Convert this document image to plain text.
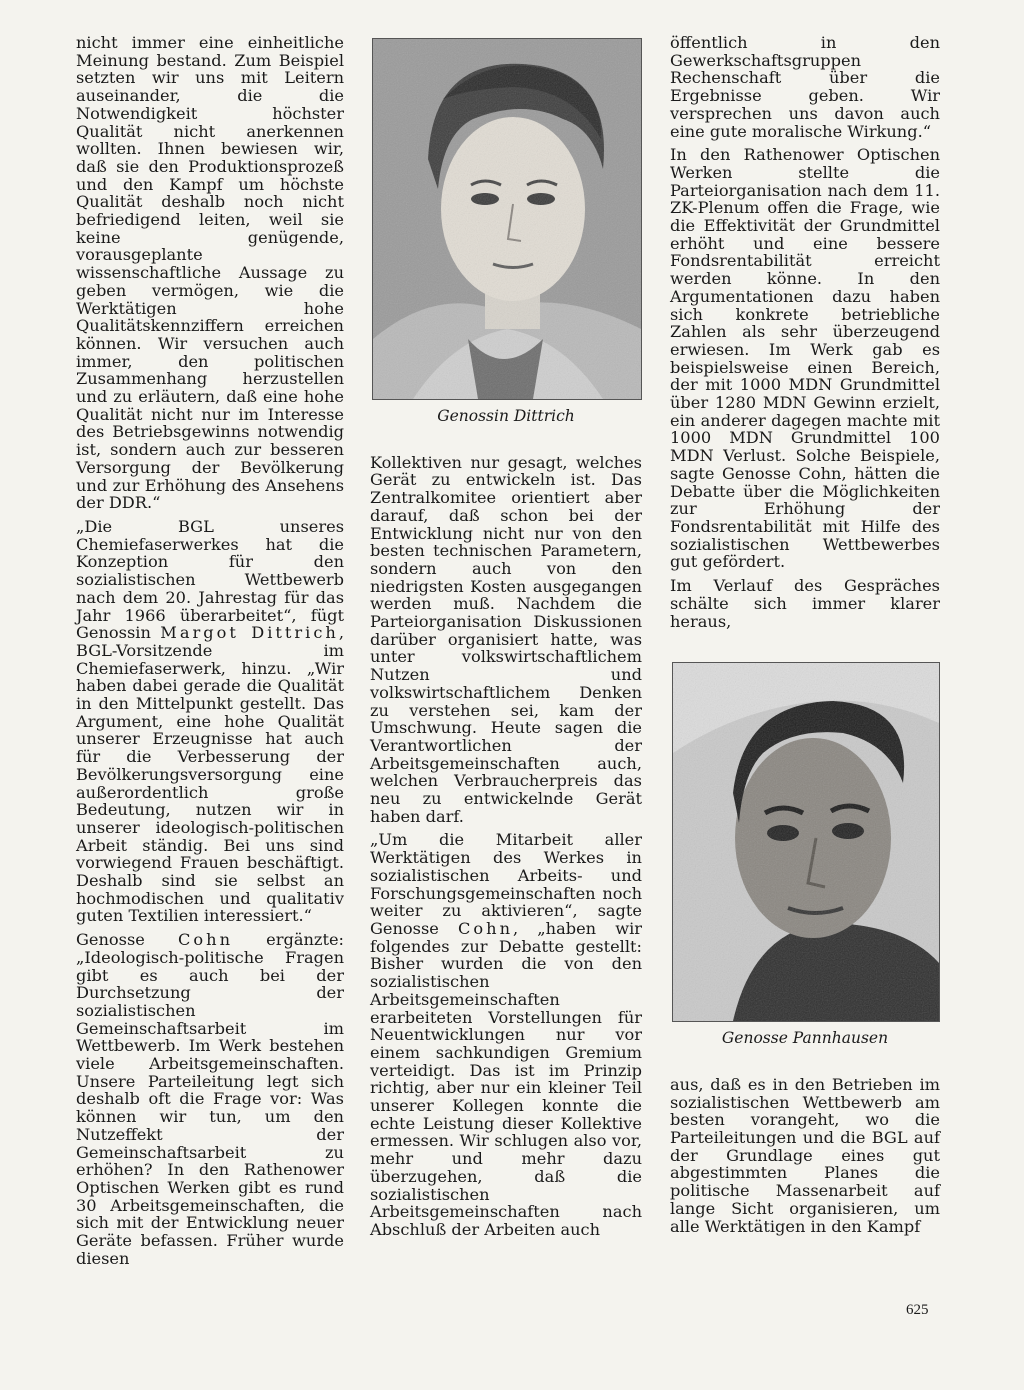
nicht immer eine einheitliche Meinung bestand. Zum Beispiel setzten wir uns mit Leitern auseinander, die die Notwendigkeit höchster Qualität nicht anerkennen wollten. Ihnen bewiesen wir, daß sie den Produktionsprozeß und den Kampf um höchste Qualität deshalb noch nicht befriedigend leiten, weil sie keine genügende, vorausgeplante wissenschaftliche Aussage zu geben vermögen, wie die Werktätigen hohe Qualitätskennziffern erreichen können. Wir versuchen auch immer, den politischen Zusammenhang herzustellen und zu erläutern, daß eine hohe Qualität nicht nur im Interesse des Betriebsgewinns notwendig ist, sondern auch zur besseren Versorgung der Bevölkerung und zur Erhöhung des Ansehens der DDR.“

„Die BGL unseres Chemiefaserwerkes hat die Konzeption für den sozialistischen Wettbewerb nach dem 20. Jahrestag für das Jahr 1966 überarbeitet“, fügt Genossin Margot Dittrich, BGL-Vorsitzende im Chemiefaserwerk, hinzu. „Wir haben dabei gerade die Qualität in den Mittelpunkt gestellt. Das Argument, eine hohe Qualität unserer Erzeugnisse hat auch für die Verbesserung der Bevölkerungsversorgung eine außerordentlich große Bedeutung, nutzen wir in unserer ideologisch-politischen Arbeit ständig. Bei uns sind vorwiegend Frauen beschäftigt. Deshalb sind sie selbst an hochmodischen und qualitativ guten Textilien interessiert.“

Genosse Cohn ergänzte: „Ideologisch-politische Fragen gibt es auch bei der Durchsetzung der sozialistischen Gemeinschaftsarbeit im Wettbewerb. Im Werk bestehen viele Arbeitsgemeinschaften. Unsere Parteileitung legt sich deshalb oft die Frage vor: Was können wir tun, um den Nutzeffekt der Gemeinschaftsarbeit zu erhöhen? In den Rathenower Optischen Werken gibt es rund 30 Arbeitsgemeinschaften, die sich mit der Entwicklung neuer Geräte befassen. Früher wurde diesen

Genossin Dittrich

Kollektiven nur gesagt, welches Gerät zu entwickeln ist. Das Zentralkomitee orientiert aber darauf, daß schon bei der Entwicklung nicht nur von den besten technischen Parametern, sondern auch von den niedrigsten Kosten ausgegangen werden muß. Nachdem die Parteiorganisation Diskussionen darüber organisiert hatte, was unter volkswirtschaftlichem Nutzen und volkswirtschaftlichem Denken zu verstehen sei, kam der Umschwung. Heute sagen die Verantwortlichen der Arbeitsgemeinschaften auch, welchen Verbraucherpreis das neu zu entwickelnde Gerät haben darf.

„Um die Mitarbeit aller Werktätigen des Werkes in sozialistischen Arbeits- und Forschungsgemeinschaften noch weiter zu aktivieren“, sagte Genosse Cohn, „haben wir folgendes zur Debatte gestellt: Bisher wurden die von den sozialistischen Arbeitsgemeinschaften erarbeiteten Vorstellungen für Neuentwicklungen nur vor einem sachkundigen Gremium verteidigt. Das ist im Prinzip richtig, aber nur ein kleiner Teil unserer Kollegen konnte die echte Leistung dieser Kollektive ermessen. Wir schlugen also vor, mehr und mehr dazu überzugehen, daß die sozialistischen Arbeitsgemeinschaften nach Abschluß der Arbeiten auch

öffentlich in den Gewerkschaftsgruppen Rechenschaft über die Ergebnisse geben. Wir versprechen uns davon auch eine gute moralische Wirkung.“

In den Rathenower Optischen Werken stellte die Parteiorganisation nach dem 11. ZK-Plenum offen die Frage, wie die Effektivität der Grundmittel erhöht und eine bessere Fondsrentabilität erreicht werden könne. In den Argumentationen dazu haben sich konkrete betriebliche Zahlen als sehr überzeugend erwiesen. Im Werk gab es beispielsweise einen Bereich, der mit 1000 MDN Grundmittel über 1280 MDN Gewinn erzielt, ein anderer dagegen machte mit 1000 MDN Grundmittel 100 MDN Verlust. Solche Beispiele, sagte Genosse Cohn, hätten die Debatte über die Möglichkeiten zur Erhöhung der Fondsrentabilität mit Hilfe des sozialistischen Wettbewerbes gut gefördert.

Im Verlauf des Gespräches schälte sich immer klarer heraus,

Genosse Pannhausen

aus, daß es in den Betrieben im sozialistischen Wettbewerb am besten vorangeht, wo die Parteileitungen und die BGL auf der Grundlage eines gut abgestimmten Planes die politische Massenarbeit auf lange Sicht organisieren, um alle Werktätigen in den Kampf

625
